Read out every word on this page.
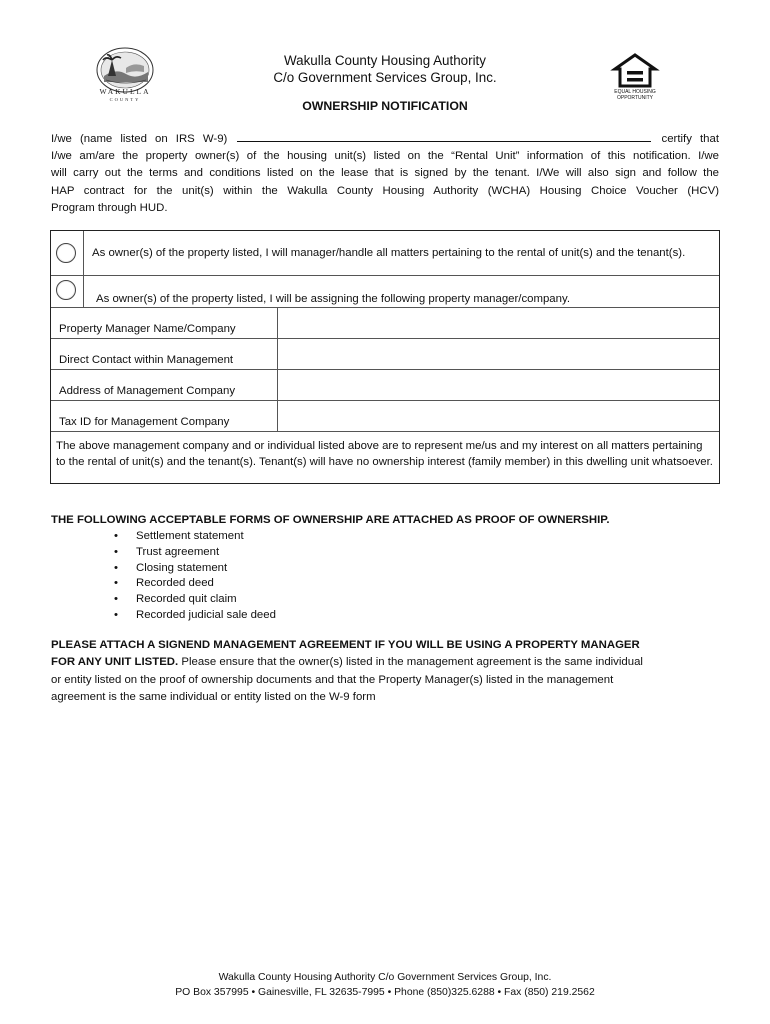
WAKULLA
COUNTY
EQUAL HOUSING
OPPORTUNITY
Wakulla County Housing Authority
C/o Government Services Group, Inc.
OWNERSHIP NOTIFICATION
I/we (name listed on IRS W-9)	certify that
I/we am/are the property owner(s) of the housing unit(s) listed on the “Rental Unit” information of this notification. I/we
will carry out the terms and conditions listed on the lease that is signed by the tenant. I/We will also sign and follow the
HAP contract for the unit(s) within the Wakulla County Housing Authority (WCHA) Housing Choice Voucher (HCV)
Program through HUD.
As owner(s) of the property listed, I will manager/handle all matters pertaining to the rental of unit(s) and the tenant(s).
As owner(s) of the property listed, I will be assigning the following property manager/company.
Property Manager Name/Company
Direct Contact within Management
Address of Management Company
Tax ID for Management Company
The above management company and or individual listed above are to represent me/us and my interest on all matters pertaining to the rental of unit(s) and the tenant(s). Tenant(s) will have no ownership interest (family member) in this dwelling unit whatsoever.
THE FOLLOWING ACCEPTABLE FORMS OF OWNERSHIP ARE ATTACHED AS PROOF OF OWNERSHIP.
• Settlement statement
• Trust agreement
• Closing statement
• Recorded deed
• Recorded quit claim
• Recorded judicial sale deed
PLEASE ATTACH A SIGNEND MANAGEMENT AGREEMENT IF YOU WILL BE USING A PROPERTY MANAGER
FOR ANY UNIT LISTED. Please ensure that the owner(s) listed in the management agreement is the same individual
or entity listed on the proof of ownership documents and that the Property Manager(s) listed in the management
agreement is the same individual or entity listed on the W-9 form
Wakulla County Housing Authority C/o Government Services Group, Inc.
PO Box 357995 • Gainesville, FL 32635-7995 • Phone (850)325.6288 • Fax (850) 219.2562
